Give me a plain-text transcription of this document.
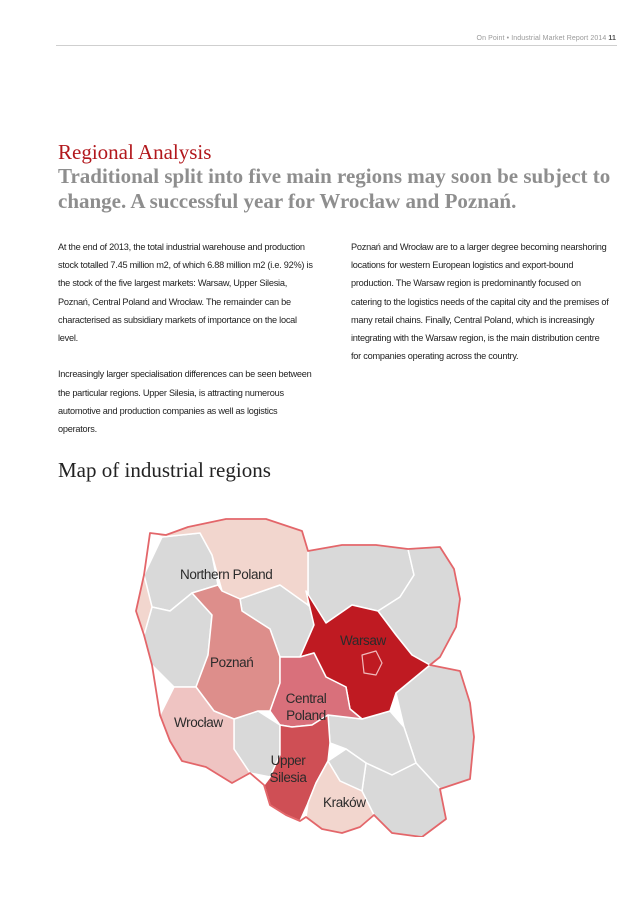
On Point • Industrial Market Report 2014 11
Regional Analysis
Traditional split into five main regions may soon be subject to change. A successful year for Wrocław and Poznań.

At the end of 2013, the total industrial warehouse and production stock totalled 7.45 million m2, of which 6.88 million m2 (i.e. 92%) is the stock of the five largest markets: Warsaw, Upper Silesia, Poznań, Central Poland and Wrocław. The remainder can be characterised as subsidiary markets of importance on the local level.

Increasingly larger specialisation differences can be seen between the particular regions. Upper Silesia, is attracting numerous automotive and production companies as well as logistics operators.

Poznań and Wrocław are to a larger degree becoming nearshoring locations for western European logistics and export-bound production. The Warsaw region is predominantly focused on catering to the logistics needs of the capital city and the premises of many retail chains. Finally, Central Poland, which is increasingly integrating with the Warsaw region, is the main distribution centre for companies operating across the country.

Map of industrial regions
Northern Poland
Poznań
Warsaw
Central Poland
Wrocław
Upper Silesia
Kraków
